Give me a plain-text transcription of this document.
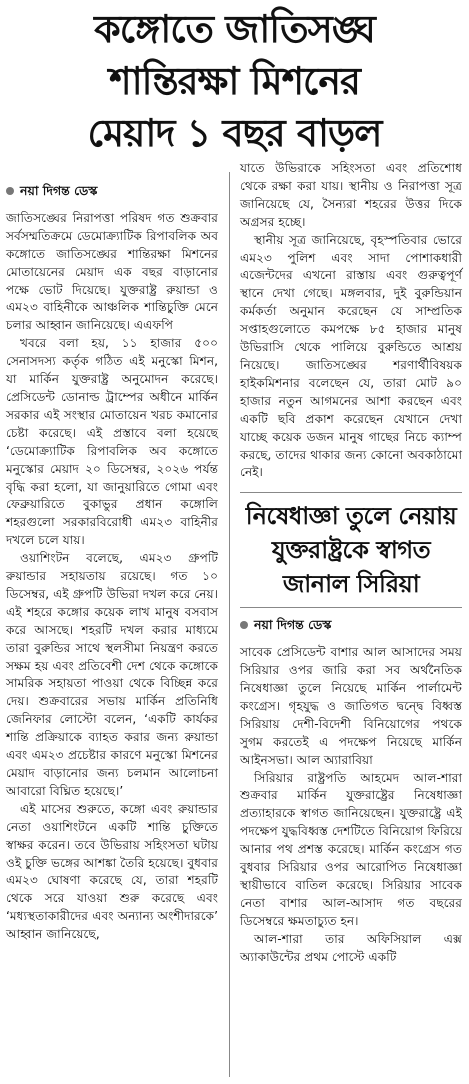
কঙ্গোতে জাতিসঙ্ঘ
শান্তিরক্ষা মিশনের
মেয়াদ ১ বছর বাড়ল
নয়া দিগন্ত ডেস্ক

জাতিসঙ্ঘের নিরাপত্তা পরিষদ গত শুক্রবার সর্বসম্মতিক্রমে ডেমোক্র্যাটিক রিপাবলিক অব কঙ্গোতে জাতিসঙ্ঘের শান্তিরক্ষা মিশনের মোতায়েনের মেয়াদ এক বছর বাড়ানোর পক্ষে ভোট দিয়েছে। যুক্তরাষ্ট্র রুয়ান্ডা ও এম২৩ বাহিনীকে আঞ্চলিক শান্তিচুক্তি মেনে চলার আহ্বান জানিয়েছে। এএফপি

খবরে বলা হয়, ১১ হাজার ৫০০ সেনাসদস্য কর্তৃক গঠিত এই মনুস্কো মিশন, যা মার্কিন যুক্তরাষ্ট্র অনুমোদন করেছে। প্রেসিডেন্ট ডোনাল্ড ট্রাম্পের অধীনে মার্কিন সরকার এই সংস্থার মোতায়েন খরচ কমানোর চেষ্টা করেছে। এই প্রস্তাবে বলা হয়েছে ‘ডেমোক্র্যাটিক রিপাবলিক অব কঙ্গোতে মনুস্কোর মেয়াদ ২০ ডিসেম্বর, ২০২৬ পর্যন্ত বৃদ্ধি করা হলো, যা জানুয়ারিতে গোমা এবং ফেব্রুয়ারিতে বুকাভুর প্রধান কঙ্গোলি শহরগুলো সরকারবিরোধী এম২৩ বাহিনীর দখলে চলে যায়।

ওয়াশিংটন বলেছে, এম২৩ গ্রুপটি রুয়ান্ডার সহায়তায় রয়েছে। গত ১০ ডিসেম্বর, এই গ্রুপটি উভিরা দখল করে নেয়। এই শহরে কঙ্গোর কয়েক লাখ মানুষ বসবাস করে আসছে। শহরটি দখল করার মাধ্যমে তারা বুরুন্ডির সাথে স্থলসীমা নিয়ন্ত্রণ করতে সক্ষম হয় এবং প্রতিবেশী দেশ থেকে কঙ্গোকে সামরিক সহায়তা পাওয়া থেকে বিচ্ছিন্ন করে দেয়। শুক্রবারের সভায় মার্কিন প্রতিনিধি জেনিফার লোস্টো বলেন, ‘একটি কার্যকর শান্তি প্রক্রিয়াকে ব্যাহত করার জন্য রুয়ান্ডা এবং এম২৩ প্রচেষ্টার কারণে মনুস্কো মিশনের মেয়াদ বাড়ানোর জন্য চলমান আলোচনা আবারো বিঘ্নিত হয়েছে।’

এই মাসের শুরুতে, কঙ্গো এবং রুয়ান্ডার নেতা ওয়াশিংটনে একটি শান্তি চুক্তিতে স্বাক্ষর করেন। তবে উভিরায় সহিংসতা ঘটায় ওই চুক্তি ভঙ্গের আশঙ্কা তৈরি হয়েছে। বুধবার এম২৩ ঘোষণা করেছে যে, তারা শহরটি থেকে সরে যাওয়া শুরু করেছে এবং ‘মধ্যস্থতাকারীদের এবং অন্যান্য অংশীদারকে’ আহ্বান জানিয়েছে,

যাতে উভিরাকে সহিংসতা এবং প্রতিশোধ থেকে রক্ষা করা যায়। স্থানীয় ও নিরাপত্তা সূত্র জানিয়েছে যে, সৈন্যরা শহরের উত্তর দিকে অগ্রসর হচ্ছে।

স্থানীয় সূত্র জানিয়েছে, বৃহস্পতিবার ভোরে এম২৩ পুলিশ এবং সাদা পোশাকধারী এজেন্টদের এখনো রাস্তায় এবং গুরুত্বপূর্ণ স্থানে দেখা গেছে। মঙ্গলবার, দুই বুরুন্ডিয়ান কর্মকর্তা অনুমান করেছেন যে সাম্প্রতিক সপ্তাহগুলোতে কমপক্ষে ৮৫ হাজার মানুষ উভিরাসি থেকে পালিয়ে বুরুন্ডিতে আশ্রয় নিয়েছে। জাতিসঙ্ঘের শরণার্থীবিষয়ক হাইকমিশনার বলেছেন যে, তারা মোট ৯০ হাজার নতুন আগমনের আশা করছেন এবং একটি ছবি প্রকাশ করেছেন যেখানে দেখা যাচ্ছে কয়েক ডজন মানুষ গাছের নিচে ক্যাম্প করছে, তাদের থাকার জন্য কোনো অবকাঠামো নেই।

নিষেধাজ্ঞা তুলে নেয়ায়
যুক্তরাষ্ট্রকে স্বাগত
জানাল সিরিয়া
নয়া দিগন্ত ডেস্ক

সাবেক প্রেসিডেন্ট বাশার আল আসাদের সময় সিরিয়ার ওপর জারি করা সব অর্থনৈতিক নিষেধাজ্ঞা তুলে নিয়েছে মার্কিন পার্লামেন্ট কংগ্রেস। গৃহযুদ্ধ ও জাতিগত দ্বন্দ্বে বিধ্বস্ত সিরিয়ায় দেশী-বিদেশী বিনিয়োগের পথকে সুগম করতেই এ পদক্ষেপ নিয়েছে মার্কিন আইনসভা। আল অ্যারাবিয়া

সিরিয়ার রাষ্ট্রপতি আহমেদ আল-শারা শুক্রবার মার্কিন যুক্তরাষ্ট্রের নিষেধাজ্ঞা প্রত্যাহারকে স্বাগত জানিয়েছেন। যুক্তরাষ্ট্রে এই পদক্ষেপ যুদ্ধবিধ্বস্ত দেশটিতে বিনিয়োগ ফিরিয়ে আনার পথ প্রশস্ত করেছে। মার্কিন কংগ্রেস গত বুধবার সিরিয়ার ওপর আরোপিত নিষেধাজ্ঞা স্থায়ীভাবে বাতিল করেছে। সিরিয়ার সাবেক নেতা বাশার আল-আসাদ গত বছরের ডিসেম্বরে ক্ষমতাচ্যুত হন।

আল-শারা তার অফিসিয়াল এক্স অ্যাকাউন্টের প্রথম পোস্টে একটি
